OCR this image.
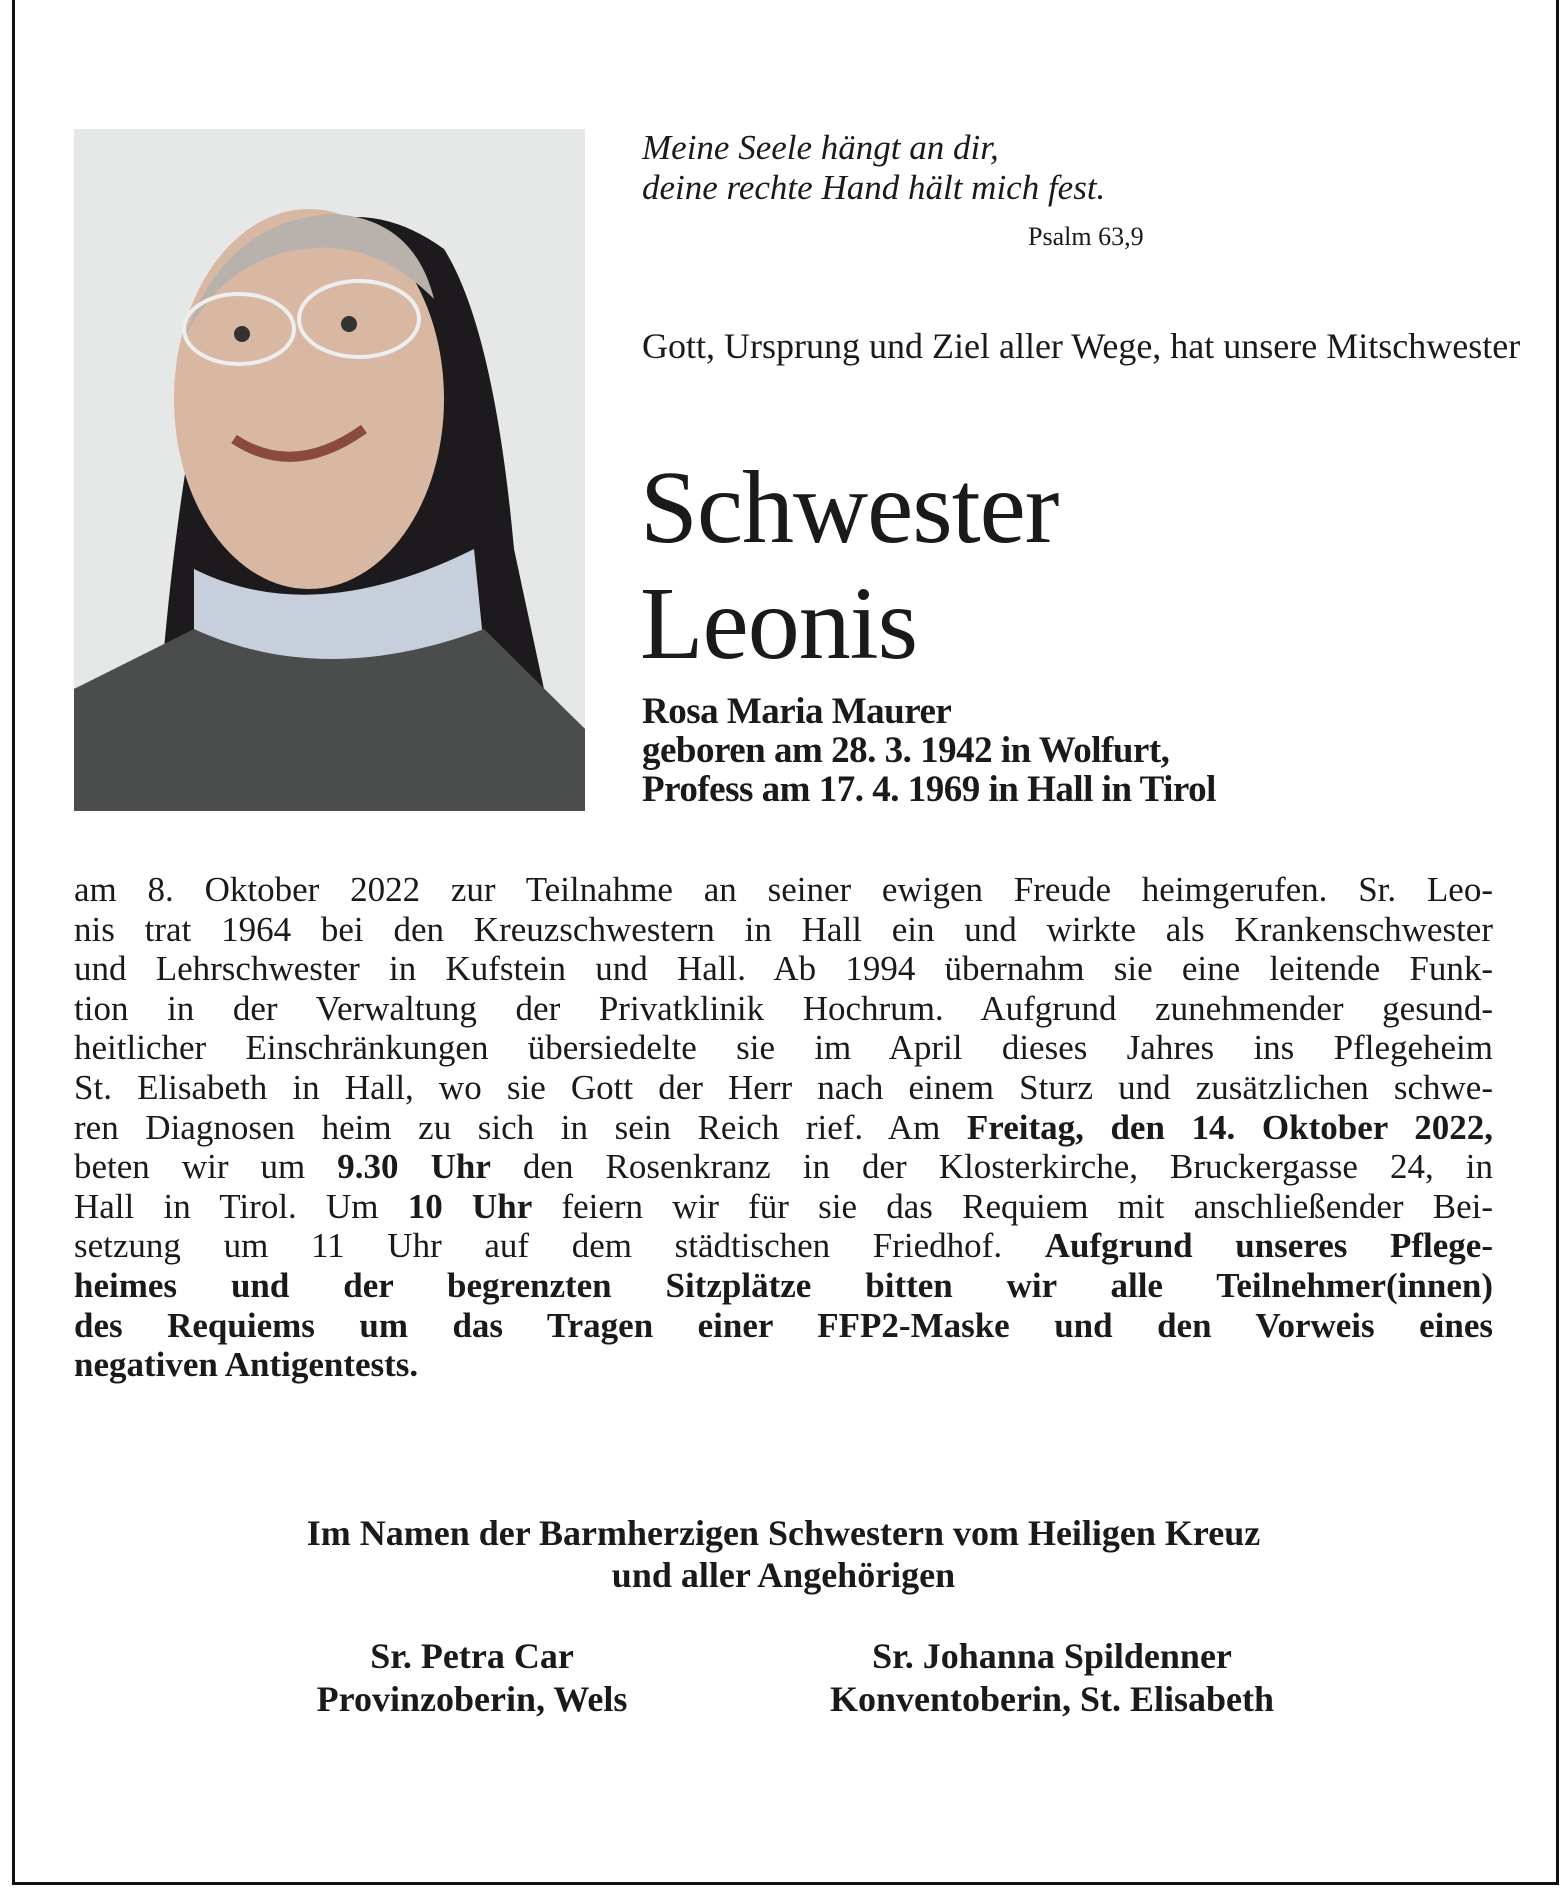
Meine Seele hängt an dir,
deine rechte Hand hält mich fest.
Psalm 63,9
Gott, Ursprung und Ziel aller Wege, hat unsere Mitschwester
Schwester
Leonis
Rosa Maria Maurer
geboren am 28. 3. 1942 in Wolfurt,
Profess am 17. 4. 1969 in Hall in Tirol
am 8. Oktober 2022 zur Teilnahme an seiner ewigen Freude heimgerufen. Sr. Leo-
nis trat 1964 bei den Kreuzschwestern in Hall ein und wirkte als Krankenschwester
und Lehrschwester in Kufstein und Hall. Ab 1994 übernahm sie eine leitende Funk-
tion in der Verwaltung der Privatklinik Hochrum. Aufgrund zunehmender gesund-
heitlicher Einschränkungen übersiedelte sie im April dieses Jahres ins Pflegeheim
St. Elisabeth in Hall, wo sie Gott der Herr nach einem Sturz und zusätzlichen schwe-
ren Diagnosen heim zu sich in sein Reich rief. Am Freitag, den 14. Oktober 2022,
beten wir um 9.30 Uhr den Rosenkranz in der Klosterkirche, Bruckergasse 24, in
Hall in Tirol. Um 10 Uhr feiern wir für sie das Requiem mit anschließender Bei-
setzung um 11 Uhr auf dem städtischen Friedhof. Aufgrund unseres Pflege-
heimes und der begrenzten Sitzplätze bitten wir alle Teilnehmer(innen)
des Requiems um das Tragen einer FFP2-Maske und den Vorweis eines
negativen Antigentests.
Im Namen der Barmherzigen Schwestern vom Heiligen Kreuz
und aller Angehörigen
Sr. Petra Car
Provinzoberin, Wels
Sr. Johanna Spildenner
Konventoberin, St. Elisabeth
